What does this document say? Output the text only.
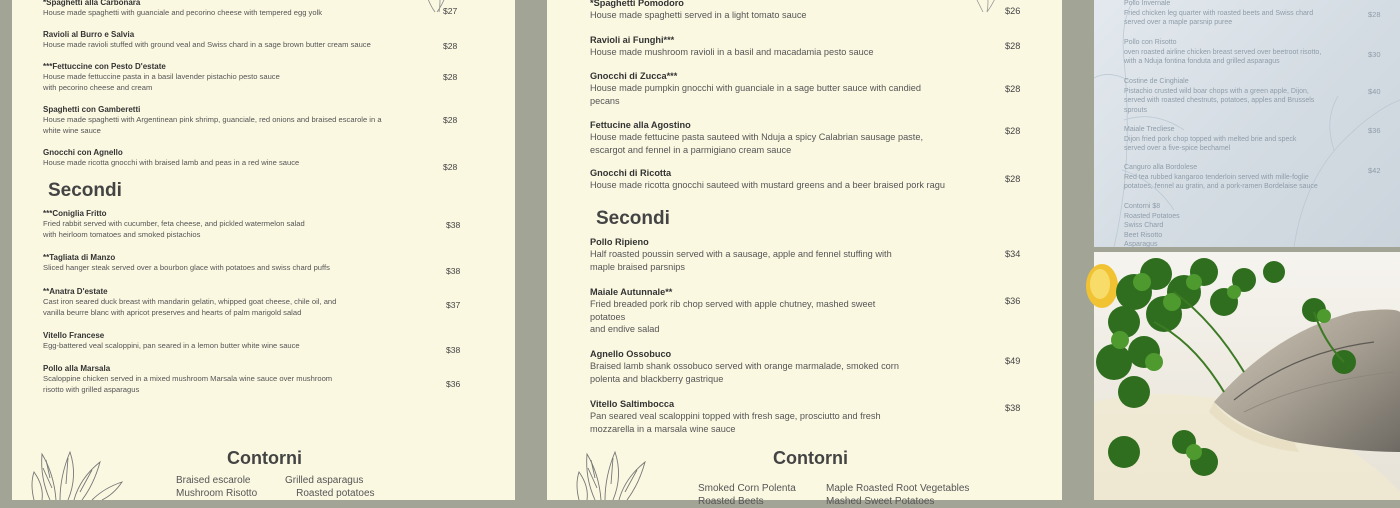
*Spaghetti alla Carbonara
House made spaghetti with guanciale and pecorino cheese with tempered egg yolk	$27
Ravioli al Burro e Salvia
House made ravioli stuffed with ground veal and Swiss chard in a sage brown butter cream sauce	$28
***Fettuccine con Pesto D'estate
House made fettuccine pasta in a basil lavender pistachio pesto sauce
with pecorino cheese and cream
$28
Spaghetti con Gamberetti
House made spaghetti with Argentinean pink shrimp, guanciale, red onions and braised escarole in a
white wine sauce
$28
Gnocchi con Agnello
House made ricotta gnocchi with braised lamb and peas in a red wine sauce	$28
Secondi
***Coniglia Fritto
Fried rabbit served with cucumber, feta cheese, and pickled watermelon salad
with heirloom tomatoes and smoked pistachios
$38
**Tagliata di Manzo
Sliced hanger steak served over a bourbon glace with potatoes and swiss chard puffs	$38
**Anatra D'estate
Cast iron seared duck breast with mandarin gelatin, whipped goat cheese, chile oil, and
vanilla beurre blanc with apricot preserves and hearts of palm marigold salad
$37
Vitello Francese
Egg-battered veal scaloppini, pan seared in a lemon butter white wine sauce	$38
Pollo alla Marsala
Scaloppine chicken served in a mixed mushroom Marsala wine sauce over mushroom
risotto with grilled asparagus	$36
Contorni
Braised escarole
Mushroom Risotto
Grilled asparagus
Roasted potatoes
*Spaghetti Pomodoro
House made spaghetti served in a light tomato sauce	$26
Ravioli ai Funghi***
House made mushroom ravioli in a basil and macadamia pesto sauce
$28
Gnocchi di Zucca***
House made pumpkin gnocchi with guanciale in a sage butter sauce with candied
pecans
$28
Fettucine alla Agostino
House made fettucine pasta sauteed with Nduja a spicy Calabrian sausage paste,
escargot and fennel in a parmigiano cream sauce
$28
Gnocchi di Ricotta
House made ricotta gnocchi sauteed with mustard greens and a beer braised pork ragu
$28
Secondi
Pollo Ripieno
Half roasted poussin served with a sausage, apple and fennel stuffing with
maple braised parsnips
$34
Maiale Autunnale**
Fried breaded pork rib chop served with apple chutney, mashed sweet
potatoes
and endive salad
$36
Agnello Ossobuco
Braised lamb shank ossobuco served with orange marmalade, smoked corn
polenta and blackberry gastrique
$49
Vitello Saltimbocca
Pan seared veal scaloppini topped with fresh sage, prosciutto and fresh
mozzarella in a marsala wine sauce
$38
Contorni
Smoked Corn Polenta
Roasted Beets
Maple Roasted Root Vegetables
Mashed Sweet Potatoes
Pollo Invernale
Fried chicken leg quarter with roasted beets and Swiss chard
served over a maple parsnip puree
$28
Pollo con Risotto
oven roasted airline chicken breast served over beetroot risotto,
with a Nduja fontina fonduta and grilled asparagus
$30
Costine de Cinghiale
Pistachio crusted wild boar chops with a green apple, Dijon,
served with roasted chestnuts, potatoes, apples and Brussels
sprouts
$40
Maiale Trecliese
Dijon fried pork chop topped with melted brie and speck
served over a five-spice bechamel
$36
Canguro alla Bordolese
Red tea rubbed kangaroo tenderloin served with mille-foglie
potatoes, fennel au gratin, and a pork-ramen Bordelaise sauce
$42
Contorni $8
Roasted Potatoes
Swiss Chard
Beet Risotto
Asparagus
